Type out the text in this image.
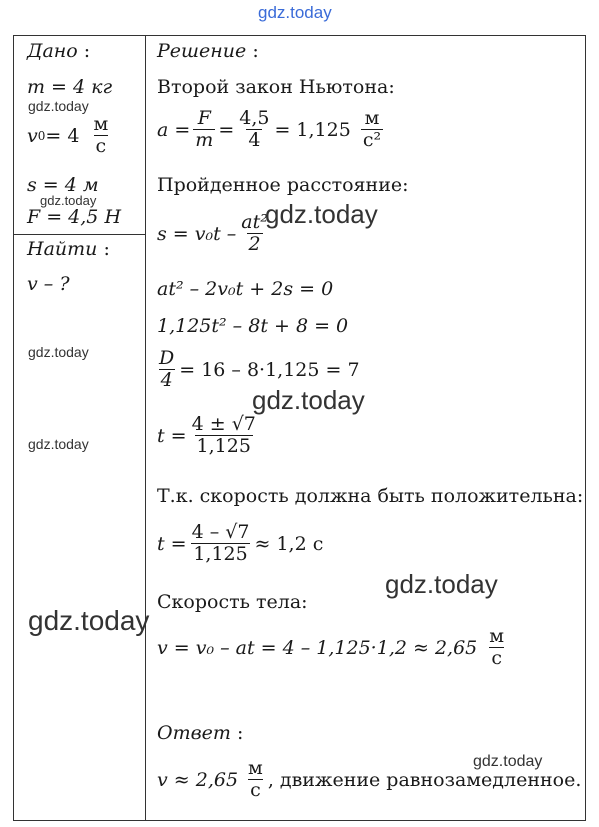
gdz.today
Дано :
m = 4 кг
v $0 = 4 \frac{м}{с}$
s = 4 м
F = 4,5 Н
Найти :
v – ?
Решение :
Второй закон Ньютона:
$a = \frac{F}{m} = \frac{4,5}{4} = 1,125 \frac{м}{\text{с²}}$
Пройденное расстояние:
$s = v_0t - \frac{\text{at²}}{2}$
at² – 2v₀t + 2s = 0
1,125t² – 8t + 8 = 0
$\frac{D}{4} = 16 - 8\cdot 1,125 = 7$
$t = \frac{4 \pm √7}{1,125}$
Т.к. скорость должна быть положительна:
$t = \frac{4 - √7}{1,125} \approx 1,2$ с
Скорость тела:
v = v₀ – at = $4 - 1,125\cdot 1,2 \approx 2,65 \frac{м}{с}$
Ответ :
$v \approx 2,65 \frac{м}{с}$ , движение равнозамедленное.
gdz.today
gdz.today	gdz.today
gdz.today
gdz.today
gdz.today
gdz.today
gdz.today
gdz.today
